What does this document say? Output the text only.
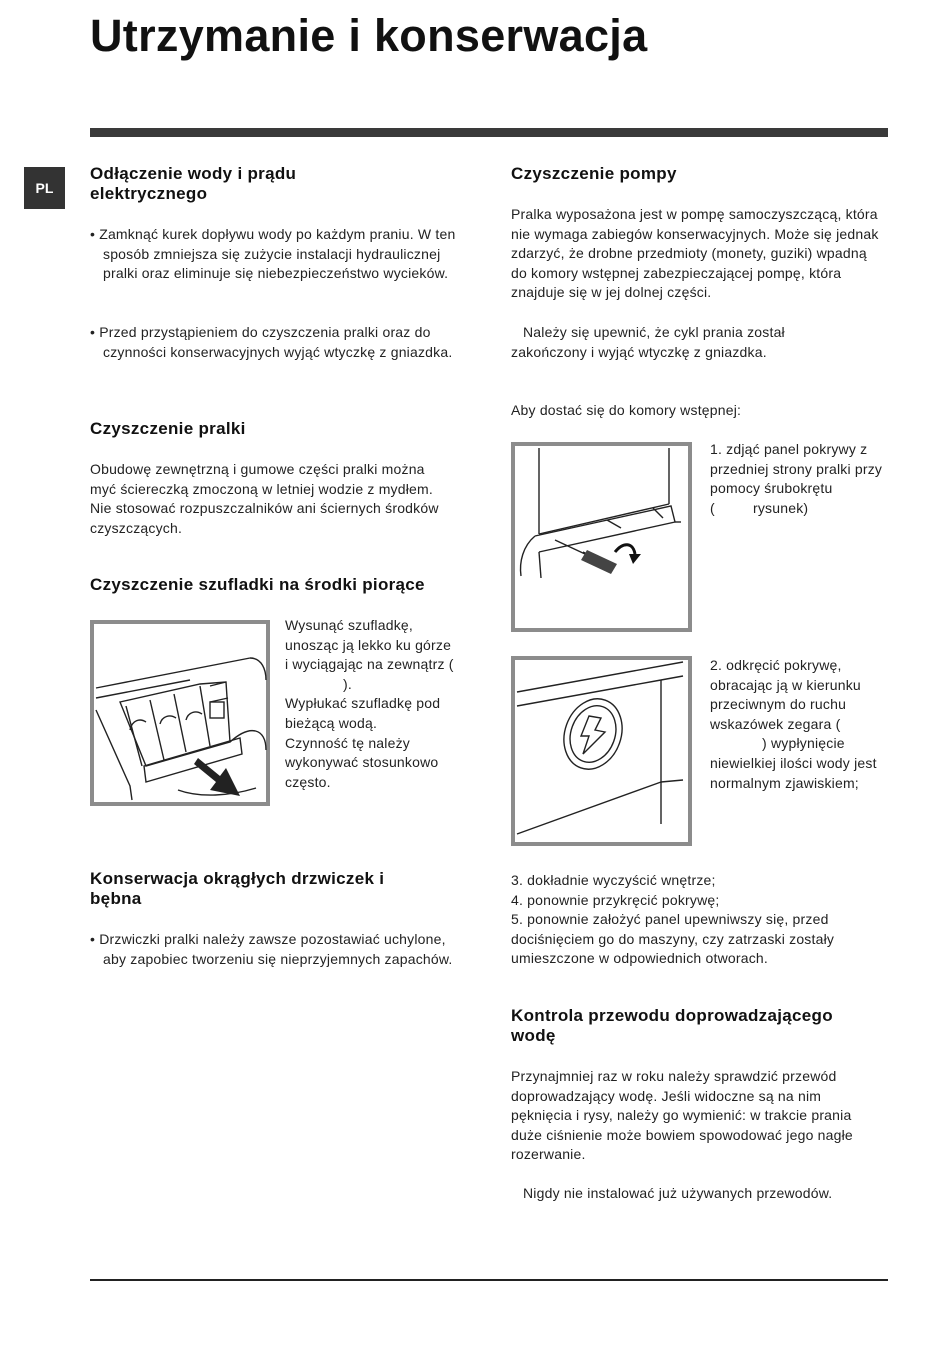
Utrzymanie i konserwacja
PL
Odłączenie wody i prądu
elektrycznego

• Zamknąć kurek dopływu wody po każdym praniu. W ten sposób zmniejsza się zużycie instalacji hydraulicznej pralki oraz eliminuje się niebezpieczeństwo wycieków.

• Przed przystąpieniem do czyszczenia pralki oraz do czynności konserwacyjnych wyjąć wtyczkę z gniazdka.

Czyszczenie pralki

Obudowę zewnętrzną i gumowe części pralki można myć ściereczką zmoczoną w letniej wodzie z mydłem. Nie stosować rozpuszczalników ani ściernych środków czyszczących.

Czyszczenie szufladki na środki piorące

Wysunąć szufladkę, unosząc ją lekko ku górze i wyciągając na zewnątrz (
).
Wypłukać szufladkę pod bieżącą wodą.
Czynność tę należy wykonywać stosunkowo często.

Konserwacja okrągłych drzwiczek i
bębna

• Drzwiczki pralki należy zawsze pozostawiać uchylone, aby zapobiec tworzeniu się nieprzyjemnych zapachów.

Czyszczenie pompy

Pralka wyposażona jest w pompę samoczyszczącą, która nie wymaga zabiegów konserwacyjnych. Może się jednak zdarzyć, że drobne przedmioty (monety, guziki) wpadną do komory wstępnej zabezpieczającej pompę, która znajduje się w jej dolnej części.

Należy się upewnić, że cykl prania został
zakończony i wyjąć wtyczkę z gniazdka.

Aby dostać się do komory wstępnej:

1. zdjąć panel pokrywy z przedniej strony pralki przy pomocy śrubokrętu
(	rysunek)

2. odkręcić pokrywę, obracając ją w kierunku przeciwnym do ruchu wskazówek zegara (
) wypłynięcie niewielkiej ilości wody jest normalnym zjawiskiem;

3. dokładnie wyczyścić wnętrze;
4. ponownie przykręcić pokrywę;
5. ponownie założyć panel upewniwszy się, przed dociśnięciem go do maszyny, czy zatrzaski zostały umieszczone w odpowiednich otworach.

Kontrola przewodu doprowadzającego
wodę

Przynajmniej raz w roku należy sprawdzić przewód doprowadzający wodę. Jeśli widoczne są na nim pęknięcia i rysy, należy go wymienić: w trakcie prania duże ciśnienie może bowiem spowodować jego nagłe rozerwanie.

Nigdy nie instalować już używanych przewodów.
